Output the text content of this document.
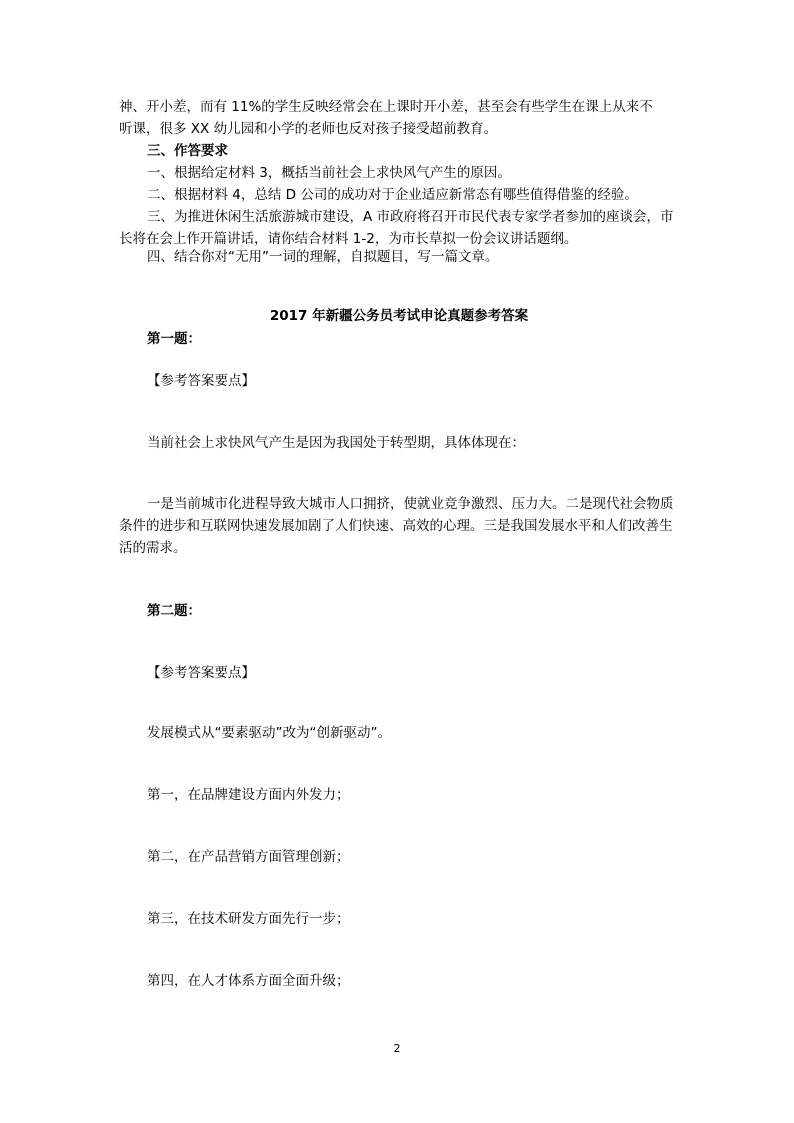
神、开小差，而有 11%的学生反映经常会在上课时开小差，甚至会有些学生在课上从来不
听课，很多 XX 幼儿园和小学的老师也反对孩子接受超前教育。
三、作答要求
一、根据给定材料 3，概括当前社会上求快风气产生的原因。
二、根据材料 4，总结 D 公司的成功对于企业适应新常态有哪些值得借鉴的经验。
三、为推进休闲生活旅游城市建设，A 市政府将召开市民代表专家学者参加的座谈会，市长将在会上作开篇讲话，请你结合材料 1-2，为市长草拟一份会议讲话题纲。
四、结合你对“无用”一词的理解，自拟题目，写一篇文章。
2017 年新疆公务员考试申论真题参考答案
第一题：
【参考答案要点】
当前社会上求快风气产生是因为我国处于转型期，具体体现在：
一是当前城市化进程导致大城市人口拥挤，使就业竞争激烈、压力大。二是现代社会物质条件的进步和互联网快速发展加剧了人们快速、高效的心理。三是我国发展水平和人们改善生活的需求。
第二题：
【参考答案要点】
发展模式从“要素驱动”改为“创新驱动”。
第一，在品牌建设方面内外发力；
第二，在产品营销方面管理创新；
第三，在技术研发方面先行一步；
第四，在人才体系方面全面升级；
2
